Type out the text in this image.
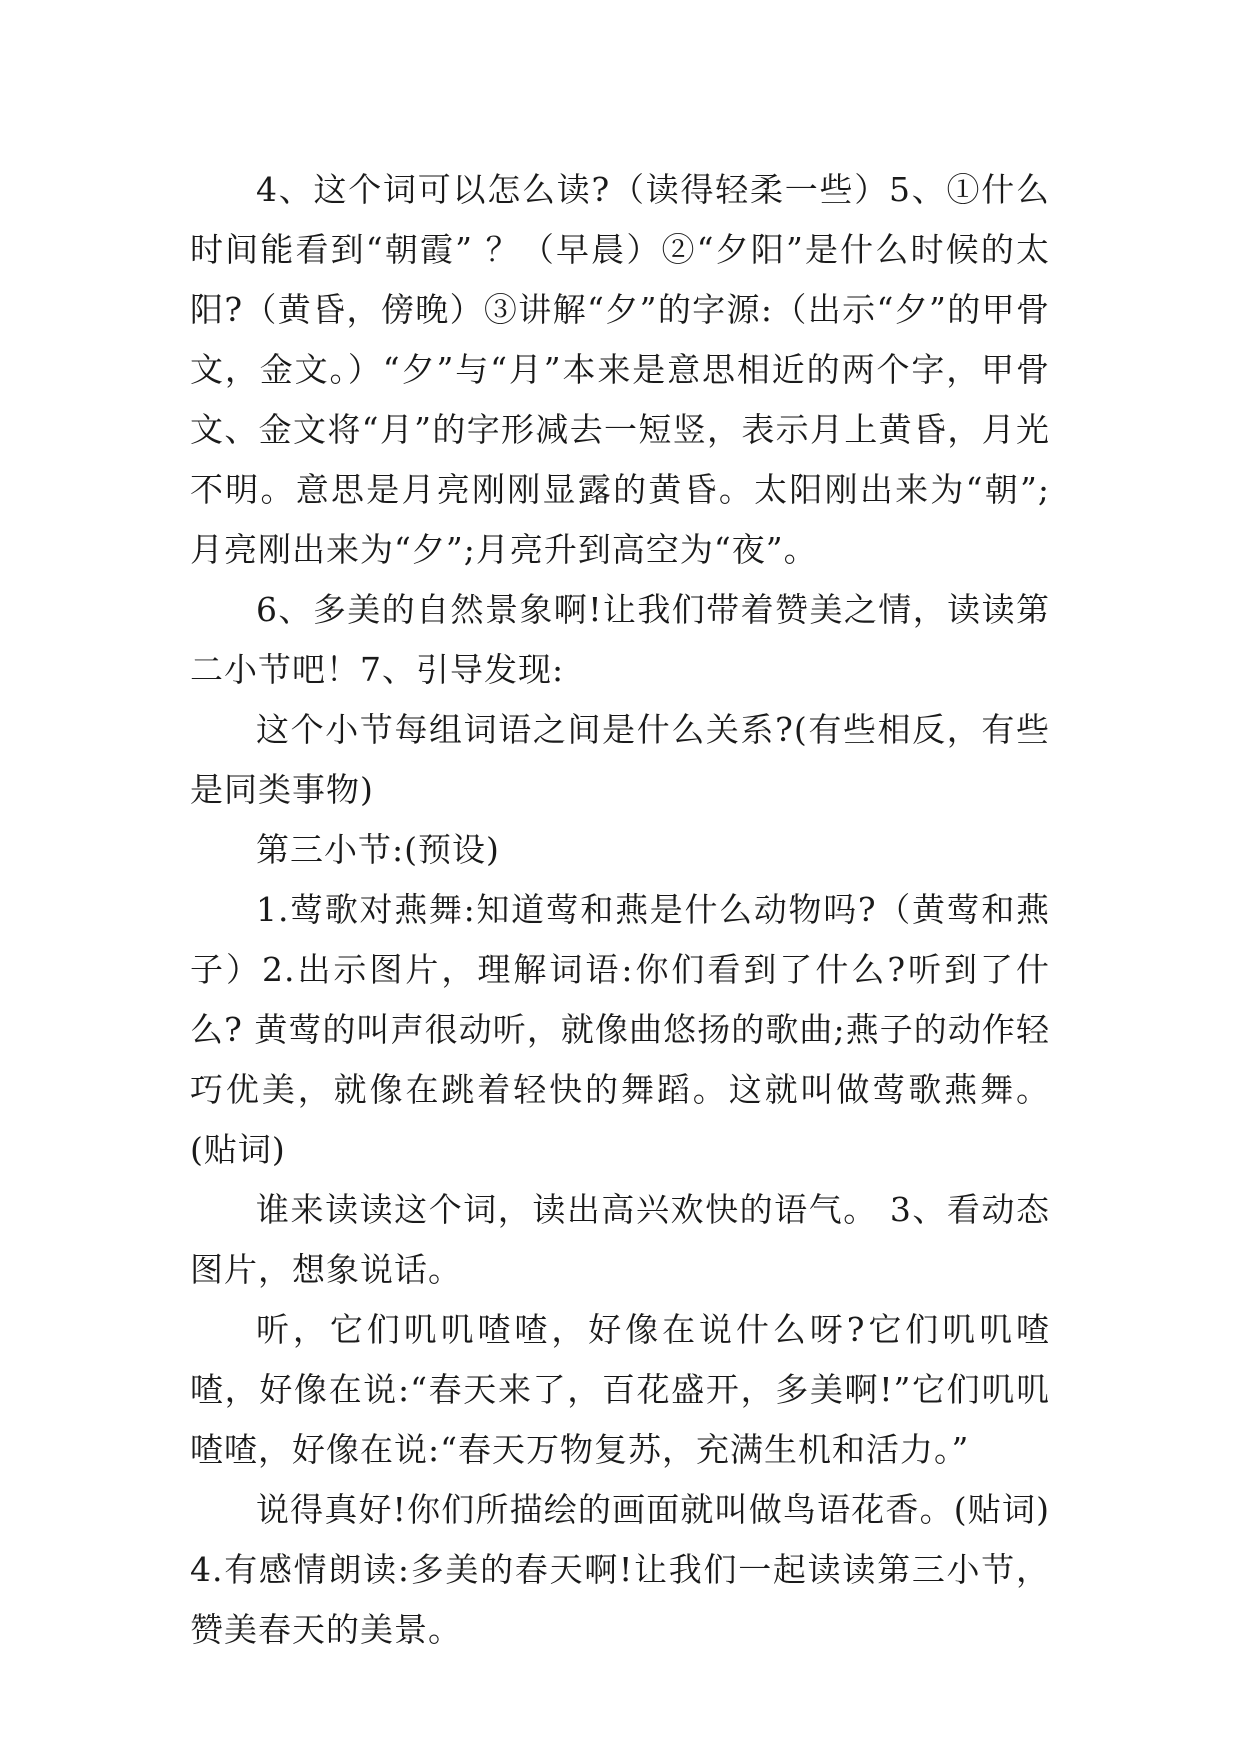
4、这个词可以怎么读?（读得轻柔一些）5、①什么时间能看到“朝霞” ？（早晨）②“夕阳”是什么时候的太阳?（黄昏，傍晚）③讲解“夕”的字源:（出示“夕”的甲骨文，金文。）“夕”与“月”本来是意思相近的两个字，甲骨文、金文将“月”的字形减去一短竖，表示月上黄昏，月光不明。意思是月亮刚刚显露的黄昏。太阳刚出来为“朝”;月亮刚出来为“夕”;月亮升到高空为“夜”。

6、多美的自然景象啊!让我们带着赞美之情，读读第二小节吧！7、引导发现:

这个小节每组词语之间是什么关系?(有些相反，有些是同类事物)

第三小节:(预设)

1.莺歌对燕舞:知道莺和燕是什么动物吗?（黄莺和燕子）2.出示图片，理解词语:你们看到了什么?听到了什么? 黄莺的叫声很动听，就像曲悠扬的歌曲;燕子的动作轻巧优美，就像在跳着轻快的舞蹈。这就叫做莺歌燕舞。(贴词)

谁来读读这个词，读出高兴欢快的语气。 3、看动态图片，想象说话。

听，它们叽叽喳喳，好像在说什么呀?它们叽叽喳喳，好像在说:“春天来了，百花盛开，多美啊!”它们叽叽喳喳，好像在说:“春天万物复苏，充满生机和活力。”

说得真好!你们所描绘的画面就叫做鸟语花香。(贴词) 4.有感情朗读:多美的春天啊!让我们一起读读第三小节，赞美春天的美景。
